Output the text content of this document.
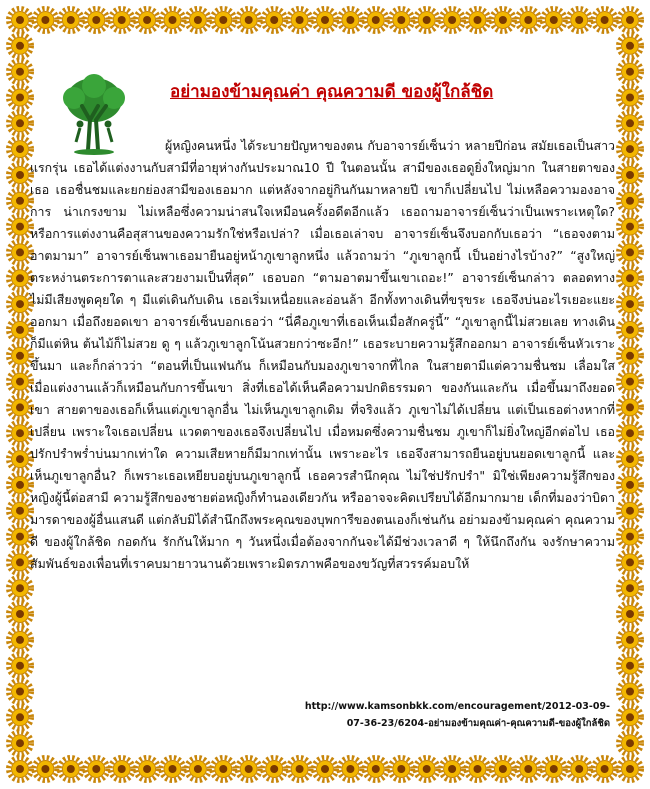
อย่ามองข้ามคุณค่า คุณความดี ของผู้ใกล้ชิด
ผู้หญิงคนหนึ่ง ได้ระบายปัญหาของตน กับอาจารย์เซ็นว่า หลายปีก่อน สมัยเธอเป็นสาวแรกรุ่น เธอได้แต่งงานกับสามีที่อายุห่างกันประมาณ10 ปี ในตอนนั้น สามีของเธอดูยิ่งใหญ่มาก ในสายตาของเธอ เธอชื่นชมและยกย่องสามีของเธอมาก แต่หลังจากอยู่กินกันมาหลายปี เขาก็เปลี่ยนไป ไม่เหลือความองอาจการ น่าเกรงขาม ไม่เหลือซึ่งความน่าสนใจเหมือนครั้งอดีตอีกแล้ว เธอถามอาจารย์เซ็นว่าเป็นเพราะเหตุใด? หรือการแต่งงานคือสุสานของความรักใช่หรือเปล่า? เมื่อเธอเล่าจบ อาจารย์เซ็นจึงบอกกับเธอว่า “เธอจงตามอาตมามา” อาจารย์เซ็นพาเธอมายืนอยู่หน้าภูเขาลูกหนึ่ง แล้วถามว่า “ภูเขาลูกนี้ เป็นอย่างไรบ้าง?” “สูงใหญ่ ตระหง่านตระการตาและสวยงามเป็นที่สุด” เธอบอก “ตามอาตมาขึ้นเขาเถอะ!” อาจารย์เซ็นกล่าว ตลอดทางไม่มีเสียงพูดคุยใด ๆ มีแต่เดินกับเดิน เธอเริ่มเหนื่อยและอ่อนล้า อีกทั้งทางเดินที่ขรุขระ เธอจึงบ่นอะไรเยอะแยะออกมา เมื่อถึงยอดเขา อาจารย์เซ็นบอกเธอว่า “นี่คือภูเขาที่เธอเห็นเมื่อสักครู่นี้” “ภูเขาลูกนี้ไม่สวยเลย ทางเดินก็มีแต่หิน ต้นไม้ก็ไม่สวย ดู ๆ แล้วภูเขาลูกโน้นสวยกว่าซะอีก!” เธอระบายความรู้สึกออกมา อาจารย์เซ็นหัวเราะขึ้นมา และก็กล่าวว่า “ตอนที่เป็นแฟนกัน ก็เหมือนกับมองภูเขาจากที่ไกล ในสายตามีแต่ความชื่นชม เลื่อมใส เมื่อแต่งงานแล้วก็เหมือนกับการขึ้นเขา สิ่งที่เธอได้เห็นคือความปกติธรรมดา ของกันและกัน เมื่อขึ้นมาถึงยอดเขา สายตาของเธอก็เห็นแต่ภูเขาลูกอื่น ไม่เห็นภูเขาลูกเดิม ที่จริงแล้ว ภูเขาไม่ได้เปลี่ยน แต่เป็นเธอต่างหากที่เปลี่ยน เพราะใจเธอเปลี่ยน แวดตาของเธอจึงเปลี่ยนไป เมื่อหมดซึ่งความชื่นชม ภูเขาก็ไม่ยิ่งใหญ่อีกต่อไป เธอปรักปรำพร่ำบ่นมากเท่าใด ความเสียหายก็มีมากเท่านั้น เพราะอะไร เธอจึงสามารถยืนอยู่บนยอดเขาลูกนี้ และเห็นภูเขาลูกอื่น? ก็เพราะเธอเหยียบอยู่บนภูเขาลูกนี้ เธอควรสำนึกคุณ ไม่ใช่ปรักปรำ" มิใช่เพียงความรู้สึกของหญิงผู้นี้ต่อสามี ความรู้สึกของชายต่อหญิงก็ทำนองเดียวกัน หรืออาจจะคิดเปรียบได้อีกมากมาย เด็กที่มองว่าบิดามารดาของผู้อื่นแสนดี แต่กลับมิได้สำนึกถึงพระคุณของบุพการีของตนเองก็เช่นกัน อย่ามองข้ามคุณค่า คุณความดี ของผู้ใกล้ชิด กอดกัน รักกันให้มาก ๆ วันหนึ่งเมื่อต้องจากกันจะได้มีช่วงเวลาดี ๆ ให้นึกถึงกัน จงรักษาความสัมพันธ์ของเพื่อนที่เราคบมายาวนานด้วยเพราะมิตรภาพคือของขวัญที่สวรรค์มอบให้
http://www.kamsonbkk.com/encouragement/2012-03-09-07-36-23/6204-อย่ามองข้ามคุณค่า-คุณความดี-ของผู้ใกล้ชิด
